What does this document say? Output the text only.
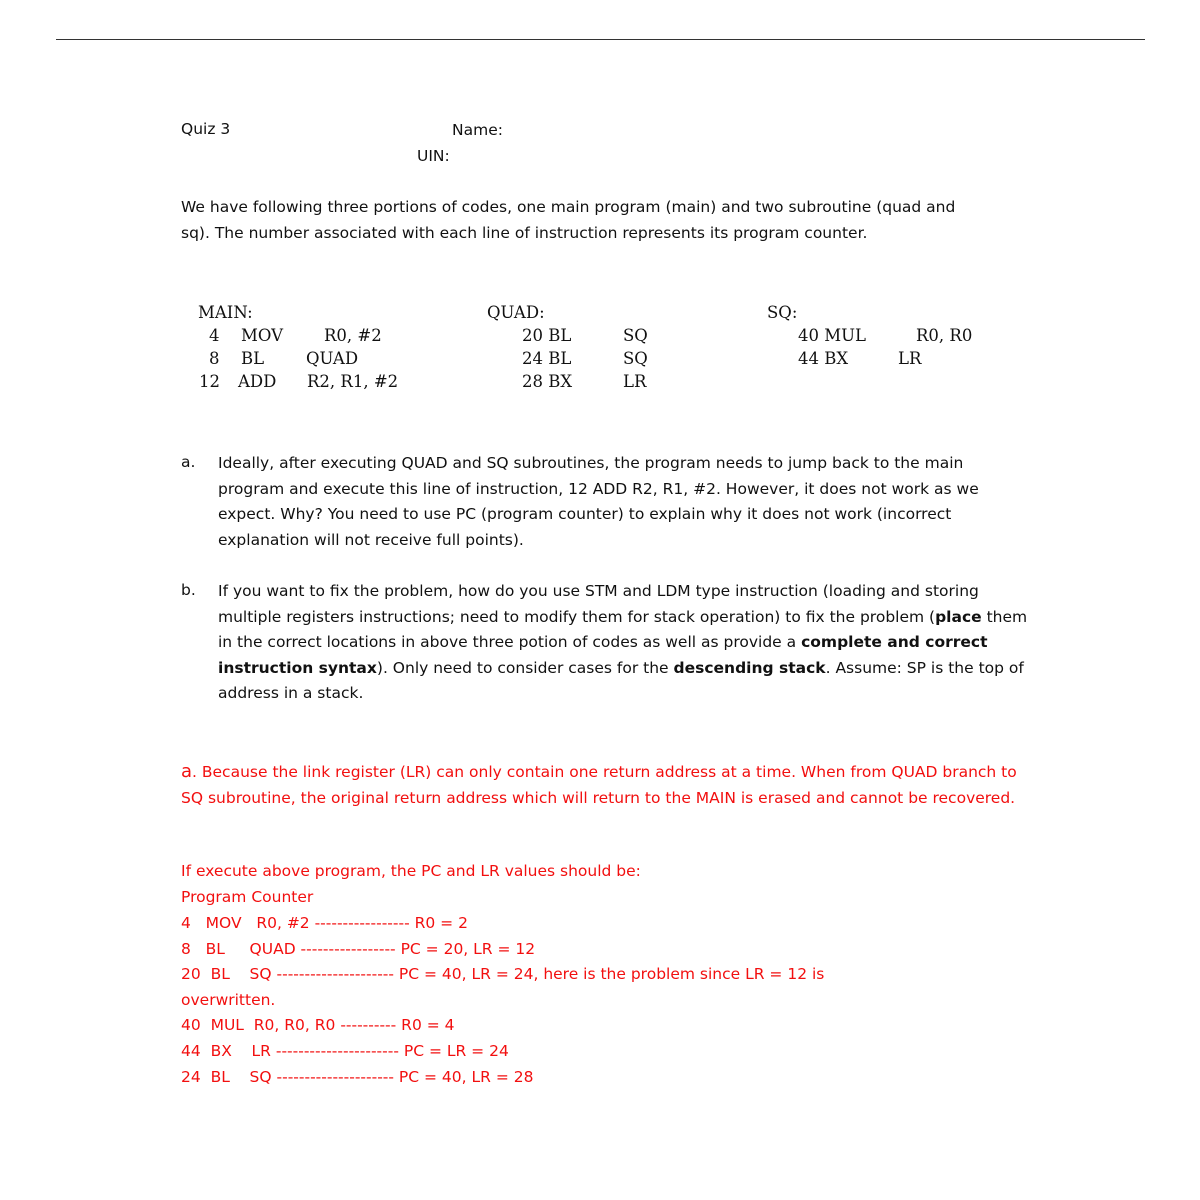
Quiz 3	Name:
UIN:
We have following three portions of codes, one main program (main) and two subroutine (quad and sq). The number associated with each line of instruction represents its program counter.
MAIN:
4 MOV R0, #2
8 BL	QUAD
12 ADD R2, R1, #2
QUAD:
20 BL	SQ
24 BL	SQ
28 BX	LR
SQ:
40 MUL	R0, R0
44 BX	LR
a. Ideally, after executing QUAD and SQ subroutines, the program needs to jump back to the main program and execute this line of instruction, 12 ADD R2, R1, #2. However, it does not work as we expect. Why? You need to use PC (program counter) to explain why it does not work (incorrect explanation will not receive full points).
b. If you want to fix the problem, how do you use STM and LDM type instruction (loading and storing multiple registers instructions; need to modify them for stack operation) to fix the problem (place them in the correct locations in above three potion of codes as well as provide a complete and correct instruction syntax). Only need to consider cases for the descending stack. Assume: SP is the top of address in a stack.
a. Because the link register (LR) can only contain one return address at a time. When from QUAD branch to SQ subroutine, the original return address which will return to the MAIN is erased and cannot be recovered.
If execute above program, the PC and LR values should be:
Program Counter
4   MOV   R0, #2 ----------------- R0 = 2
8   BL     QUAD ----------------- PC = 20, LR = 12
20  BL    SQ --------------------- PC = 40, LR = 24, here is the problem since LR = 12 is
overwritten.
40  MUL  R0, R0, R0 ---------- R0 = 4
44  BX    LR ---------------------- PC = LR = 24
24  BL    SQ --------------------- PC = 40, LR = 28
